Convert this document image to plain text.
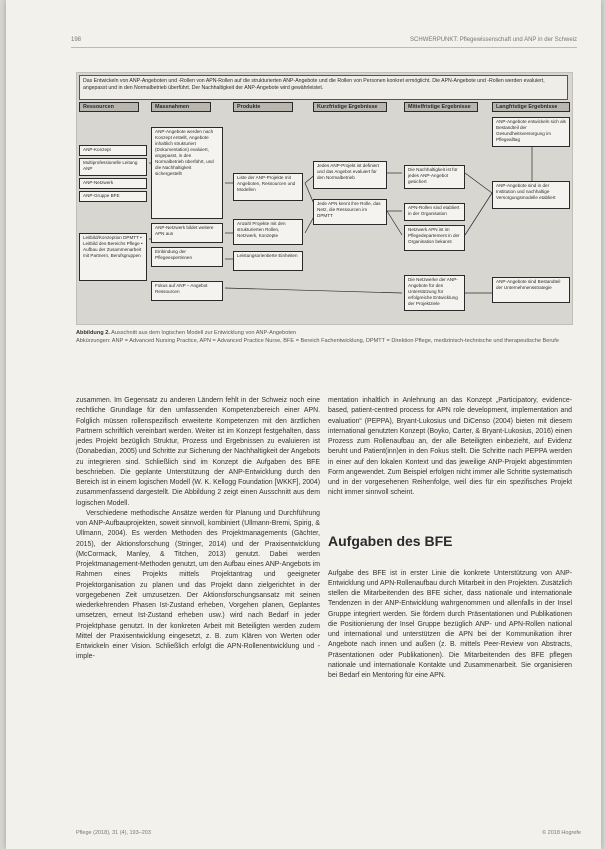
198	SCHWERPUNKT: Pflegewissenschaft und ANP in der Schweiz
Das Entwickeln von ANP-Angeboten und -Rollen von APN-Rollen auf die strukturierten ANP-Angebote und die Rollen von Personen konkret ermöglicht. Die APN-Angebote und -Rollen werden evaluiert, angepasst und in den Normalbetrieb überführt. Der Nachhaltigkeit der ANP-Angebote wird gewährleistet.
Ressourcen	Massnahmen	Produkte	Kurzfristige Ergebnisse	Mittelfristige Ergebnisse	Langfristige Ergebnisse
ANP-Konzept
Multiprofessionelle Leitung ANP
ANP-Netzwerk
ANP-Gruppe BFE
Leitbild/Konzeption DPMTT • Leitbild des Bereichs Pflege • Aufbau der Zusammenarbeit mit Partnern, Berufsgruppen
ANP-Angebote werden nach Konzept erstellt, Angebote inhaltlich strukturiert (Dokumentation) evaluiert, angepasst, in den Normalbetrieb überführt, und die Nachhaltigkeit sichergestellt
ANP-Netzwerk bildet weitere APN aus
Einbindung der Pflegeexpertinnen
Fokus auf ANP – Angebot Ressourcen
Liste der ANP-Projekte mit Angeboten, Ressourcen und Modellen
Anzahl Projekte mit den strukturierten Rollen, Netzwerk, Konzepte
Leistungsorientierte Einheiten
Jedes ANP-Projekt ist definiert und das Angebot evaluiert für den Normalbetrieb
Jede APN kennt ihre Rolle, das Netz, die Ressourcen im DPMTT
Die Nachhaltigkeit ist für jedes ANP-Angebot gesichert
APN-Rollen sind etabliert in der Organisation
Netzwerk APN ist im Pflegedepartement in der Organisation bekannt
Die Netzwerke der ANP-Angebote für den Unterstützung für erfolgreiche Entwicklung der Projektziele
ANP-Angebote entwickeln sich als Bestandteil der Gesundheitsversorgung im Pflegealltag
ANP-Angebote sind in der Institution und nachhaltige Versorgungsmodelle etabliert
ANP-Angebote sind Bestandteil der Unternehmensstrategie
Abbildung 2. Ausschnitt aus dem logischen Modell zur Entwicklung von ANP-Angeboten
Abkürzungen: ANP = Advanced Nursing Practice, APN = Advanced Practice Nurse, BFE = Bereich Fachentwicklung, DPMTT = Direktion Pflege, medizinisch-technische und therapeutische Berufe

zusammen. Im Gegensatz zu anderen Ländern fehlt in der Schweiz noch eine rechtliche Grundlage für den umfassenden Kompetenzbereich einer APN. Folglich müssen rollenspezifisch erweiterte Kompetenzen mit den ärztlichen Partnern schriftlich vereinbart werden. Weiter ist im Konzept festgehalten, dass jedes Projekt bezüglich Struktur, Prozess und Ergebnissen zu evaluieren ist (Donabedian, 2005) und Schritte zur Sicherung der Nachhaltigkeit der Angebots zu integrieren sind. Schließlich sind im Konzept die Aufgaben des BFE beschrieben. Die geplante Unterstützung der ANP-Entwicklung durch den Bereich ist in einem logischen Modell (W. K. Kellogg Foundation [WKKF], 2004) zusammenfassend dargestellt. Die Abbildung 2 zeigt einen Ausschnitt aus dem logischen Modell.

Verschiedene methodische Ansätze werden für Planung und Durchführung von ANP-Aufbauprojekten, soweit sinnvoll, kombiniert (Ullmann-Bremi, Spirig, & Ullmann, 2004). Es werden Methoden des Projektmanagements (Gächter, 2015), der Aktionsforschung (Stringer, 2014) und der Praxisentwicklung (McCormack, Manley, & Titchen, 2013) genutzt. Dabei werden Projektmanagement-Methoden genutzt, um den Aufbau eines ANP-Angebots im Rahmen eines Projekts mittels Projektantrag und geeigneter Projektorganisation zu planen und das Projekt dann zielgerichtet in der vorgegebenen Zeit umzusetzen. Der Aktionsforschungsansatz mit seinen wiederkehrenden Phasen Ist-Zustand erheben, Vorgehen planen, Geplantes umsetzen, erneut Ist-Zustand erheben usw.) wird nach Bedarf in jeder Projektphase genutzt. In der konkreten Arbeit mit Beteiligten werden zudem Mittel der Praxisentwicklung eingesetzt, z. B. zum Klären von Werten oder Entwickeln einer Vision. Schließlich erfolgt die APN-Rollenentwicklung und -imple-

mentation inhaltlich in Anlehnung an das Konzept „Participatory, evidence-based, patient-centred process for APN role development, implementation and evaluation“ (PEPPA), Bryant-Lukosius und DiCenso (2004) bieten mit diesem international genutzten Konzept (Boyko, Carter, & Bryant-Lukosius, 2016) einen Prozess zum Rollenaufbau an, der alle Beteiligten einbezieht, auf Evidenz beruht und Patient(inn)en in den Fokus stellt. Die Schritte nach PEPPA werden in einer auf den lokalen Kontext und das jeweilige ANP-Projekt abgestimmten Form angewendet. Zum Beispiel erfolgen nicht immer alle Schritte systematisch und in der vorgesehenen Reihenfolge, weil dies für ein spezifisches Projekt nicht immer sinnvoll scheint.

Aufgaben des BFE

Aufgabe des BFE ist in erster Linie die konkrete Unterstützung von ANP-Entwicklung und APN-Rollenaufbau durch Mitarbeit in den Projekten. Zusätzlich stellen die Mitarbeitenden des BFE sicher, dass nationale und internationale Tendenzen in der ANP-Entwicklung wahrgenommen und allenfalls in der Insel Gruppe integriert werden. Sie fördern durch Präsentationen und Publikationen die Positionierung der Insel Gruppe bezüglich ANP- und APN-Rollen national und international und unterstützen die APN bei der Kommunikation ihrer Angebote nach innen und außen (z. B. mittels Peer-Review von Abstracts, Präsentationen oder Publikationen). Die Mitarbeitenden des BFE pflegen nationale und internationale Kontakte und Zusammenarbeit. Sie organisieren bei Bedarf ein Mentoring für eine APN.

Pflege (2018), 31 (4), 193–203	© 2018 Hogrefe
